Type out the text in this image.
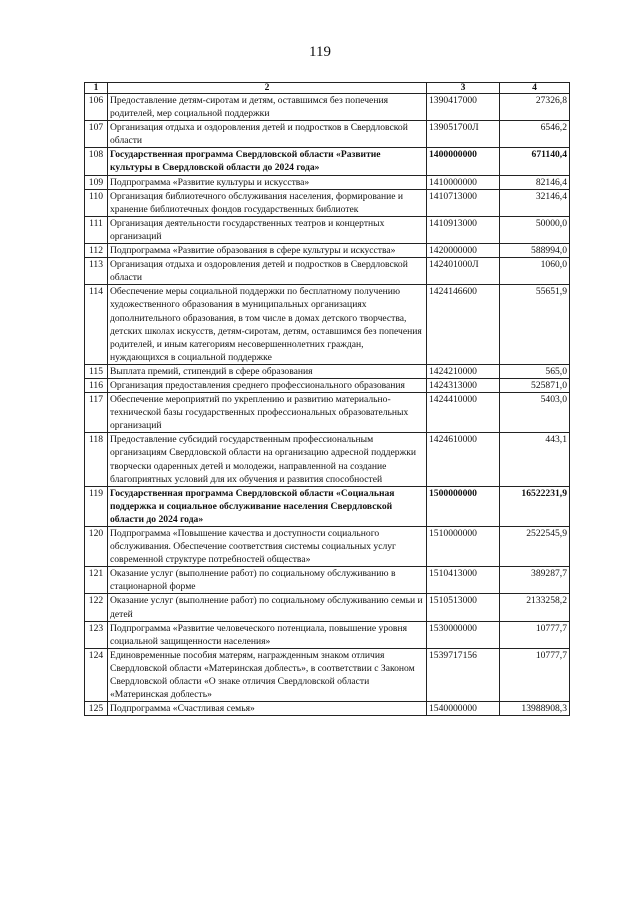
119
1	2	3	4
106	Предоставление детям-сиротам и детям, оставшимся без попечения родителей, мер социальной поддержки	1390417000	27326,8
107	Организация отдыха и оздоровления детей и подростков в Свердловской области	139051700Л	6546,2
108	Государственная программа Свердловской области «Развитие культуры в Свердловской области до 2024 года»	1400000000	671140,4
109	Подпрограмма «Развитие культуры и искусства»	1410000000	82146,4
110	Организация библиотечного обслуживания населения, формирование и хранение библиотечных фондов государственных библиотек	1410713000	32146,4
111	Организация деятельности государственных театров и концертных организаций	1410913000	50000,0
112	Подпрограмма «Развитие образования в сфере культуры и искусства»	1420000000	588994,0
113	Организация отдыха и оздоровления детей и подростков в Свердловской области	142401000Л	1060,0
114	Обеспечение меры социальной поддержки по бесплатному получению художественного образования в муниципальных организациях дополнительного образования, в том числе в домах детского творчества, детских школах искусств, детям-сиротам, детям, оставшимся без попечения родителей, и иным категориям несовершеннолетних граждан, нуждающихся в социальной поддержке	1424146600	55651,9
115	Выплата премий, стипендий в сфере образования	1424210000	565,0
116	Организация предоставления среднего профессионального образования	1424313000	525871,0
117	Обеспечение мероприятий по укреплению и развитию материально-технической базы государственных профессиональных образовательных организаций	1424410000	5403,0
118	Предоставление субсидий государственным профессиональным организациям Свердловской области на организацию адресной поддержки творчески одаренных детей и молодежи, направленной на создание благоприятных условий для их обучения и развития способностей	1424610000	443,1
119	Государственная программа Свердловской области «Социальная поддержка и социальное обслуживание населения Свердловской области до 2024 года»	1500000000	16522231,9
120	Подпрограмма «Повышение качества и доступности социального обслуживания. Обеспечение соответствия системы социальных услуг современной структуре потребностей общества»	1510000000	2522545,9
121	Оказание услуг (выполнение работ) по социальному обслуживанию в стационарной форме	1510413000	389287,7
122	Оказание услуг (выполнение работ) по социальному обслуживанию семьи и детей	1510513000	2133258,2
123	Подпрограмма «Развитие человеческого потенциала, повышение уровня социальной защищенности населения»	1530000000	10777,7
124	Единовременные пособия матерям, награжденным знаком отличия Свердловской области «Материнская доблесть», в соответствии с Законом Свердловской области «О знаке отличия Свердловской области «Материнская доблесть»	1539717156	10777,7
125	Подпрограмма «Счастливая семья»	1540000000	13988908,3
